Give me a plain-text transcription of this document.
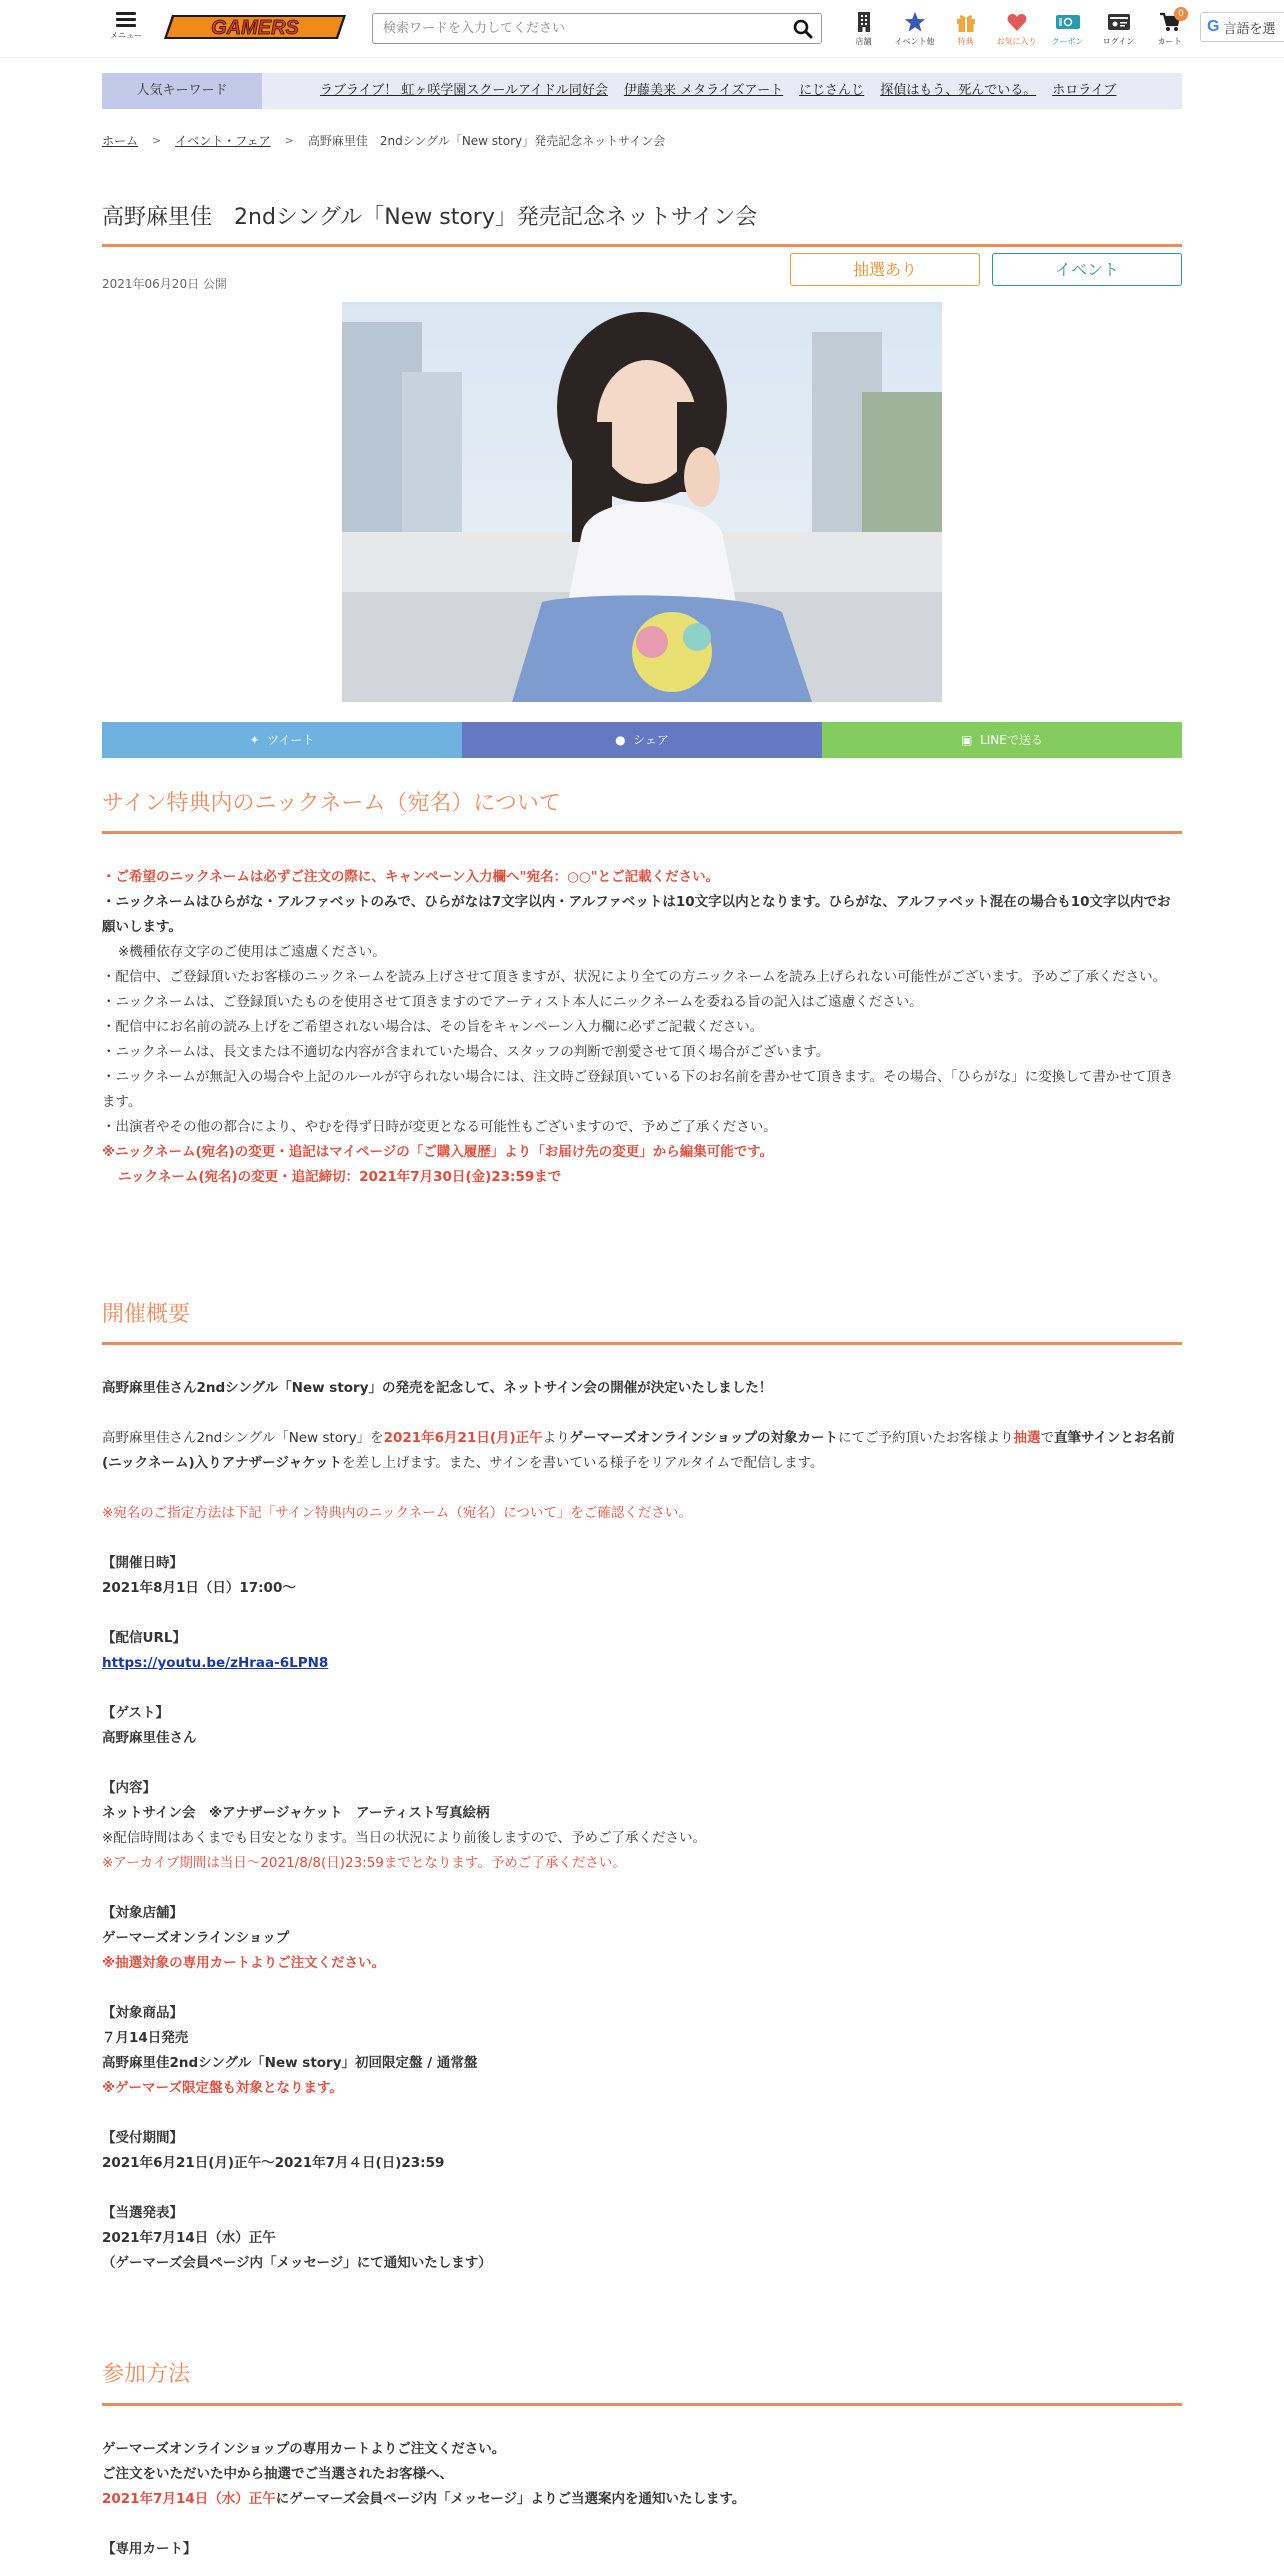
メニュー	GAMERS
検索ワードを入力してください
店舗	イベント他	特典	お気に入り	クーポン	ログイン
0
カート
G 言語を選
人気キーワード	ラブライブ！ 虹ヶ咲学園スクールアイドル同好会 伊藤美来 メタライズアート にじさんじ 探偵はもう、死んでいる。 ホロライブ
ホーム > イベント・フェア > 高野麻里佳　2ndシングル「New story」発売記念ネットサイン会
高野麻里佳　2ndシングル「New story」発売記念ネットサイン会
2021年06月20日 公開
抽選あり	イベント
✦  ツイート	●  シェア	▣  LINEで送る
サイン特典内のニックネーム（宛名）について

・ご希望のニックネームは必ずご注文の際に、キャンペーン入力欄へ"宛名：○○"とご記載ください。

・ニックネームはひらがな・アルファベットのみで、ひらがなは7文字以内・アルファベットは10文字以内となります。ひらがな、アルファベット混在の場合も10文字以内でお願いします。

※機種依存文字のご使用はご遠慮ください。

・配信中、ご登録頂いたお客様のニックネームを読み上げさせて頂きますが、状況により全ての方ニックネームを読み上げられない可能性がございます。予めご了承ください。

・ニックネームは、ご登録頂いたものを使用させて頂きますのでアーティスト本人にニックネームを委ねる旨の記入はご遠慮ください。

・配信中にお名前の読み上げをご希望されない場合は、その旨をキャンペーン入力欄に必ずご記載ください。

・ニックネームは、長文または不適切な内容が含まれていた場合、スタッフの判断で割愛させて頂く場合がございます。

・ニックネームが無記入の場合や上記のルールが守られない場合には、注文時ご登録頂いている下のお名前を書かせて頂きます。その場合、「ひらがな」に変換して書かせて頂きます。

・出演者やその他の都合により、やむを得ず日時が変更となる可能性もございますので、予めご了承ください。

※ニックネーム(宛名)の変更・追記はマイページの「ご購入履歴」より「お届け先の変更」から編集可能です。

ニックネーム(宛名)の変更・追記締切：2021年7月30日(金)23:59まで

開催概要

高野麻里佳さん2ndシングル「New story」の発売を記念して、ネットサイン会の開催が決定いたしました！

高野麻里佳さん2ndシングル「New story」を2021年6月21日(月)正午よりゲーマーズオンラインショップの対象カートにてご予約頂いたお客様より抽選で直筆サインとお名前(ニックネーム)入りアナザージャケットを差し上げます。また、サインを書いている様子をリアルタイムで配信します。

※宛名のご指定方法は下記「サイン特典内のニックネーム（宛名）について」をご確認ください。

【開催日時】

2021年8月1日（日）17:00～

【配信URL】

https://youtu.be/zHraa-6LPN8

【ゲスト】

高野麻里佳さん

【内容】

ネットサイン会　※アナザージャケット　アーティスト写真絵柄

※配信時間はあくまでも目安となります。当日の状況により前後しますので、予めご了承ください。

※アーカイブ期間は当日～2021/8/8(日)23:59までとなります。予めご了承ください。

【対象店舗】

ゲーマーズオンラインショップ

※抽選対象の専用カートよりご注文ください。

【対象商品】

７月14日発売

高野麻里佳2ndシングル「New story」初回限定盤 / 通常盤

※ゲーマーズ限定盤も対象となります。

【受付期間】

2021年6月21日(月)正午～2021年7月４日(日)23:59

【当選発表】

2021年7月14日（水）正午

（ゲーマーズ会員ページ内「メッセージ」にて通知いたします）

参加方法

ゲーマーズオンラインショップの専用カートよりご注文ください。

ご注文をいただいた中から抽選でご当選されたお客様へ、

2021年7月14日（水）正午にゲーマーズ会員ページ内「メッセージ」よりご当選案内を通知いたします。

【専用カート】
